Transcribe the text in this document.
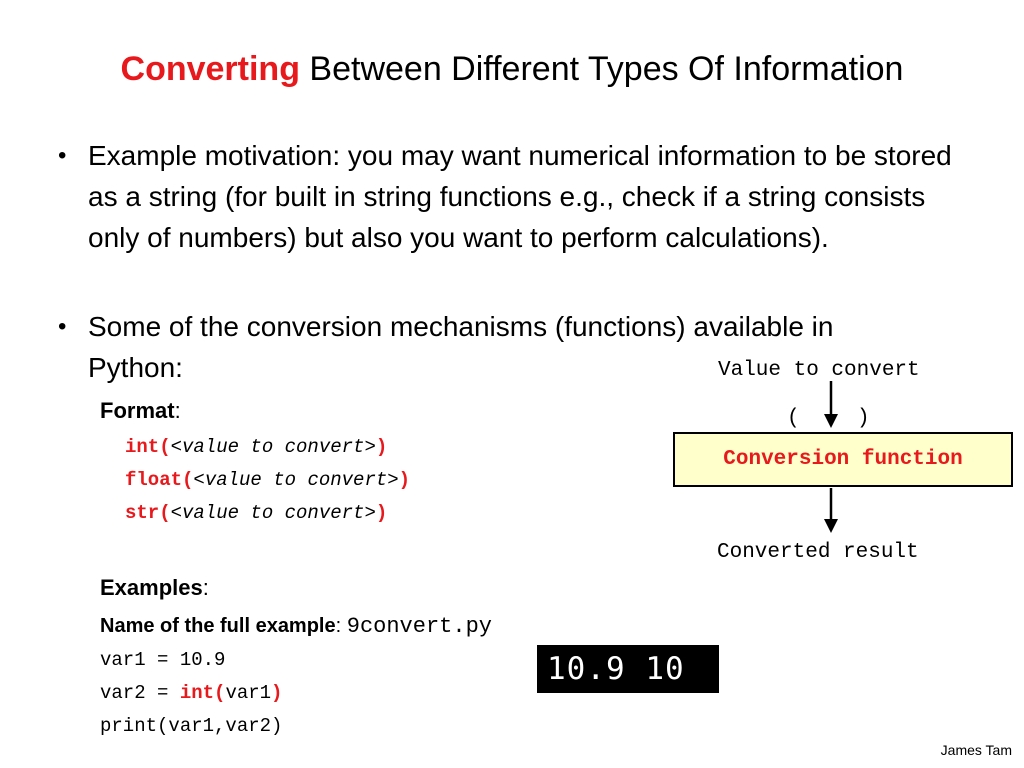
Converting Between Different Types Of Information
• Example motivation: you may want numerical information to be stored as a string (for built in string functions e.g., check if a string consists only of numbers) but also you want to perform calculations).
• Some of the conversion mechanisms (functions) available in Python:
Format:
int(<value to convert>)
float(<value to convert>)
str(<value to convert>)
Examples:
Name of the full example: 9convert.py
var1 = 10.9
var2 = int(var1)
print(var1,var2)
10.9 10
Value to convert
(	)
Conversion function
Converted result
James Tam
